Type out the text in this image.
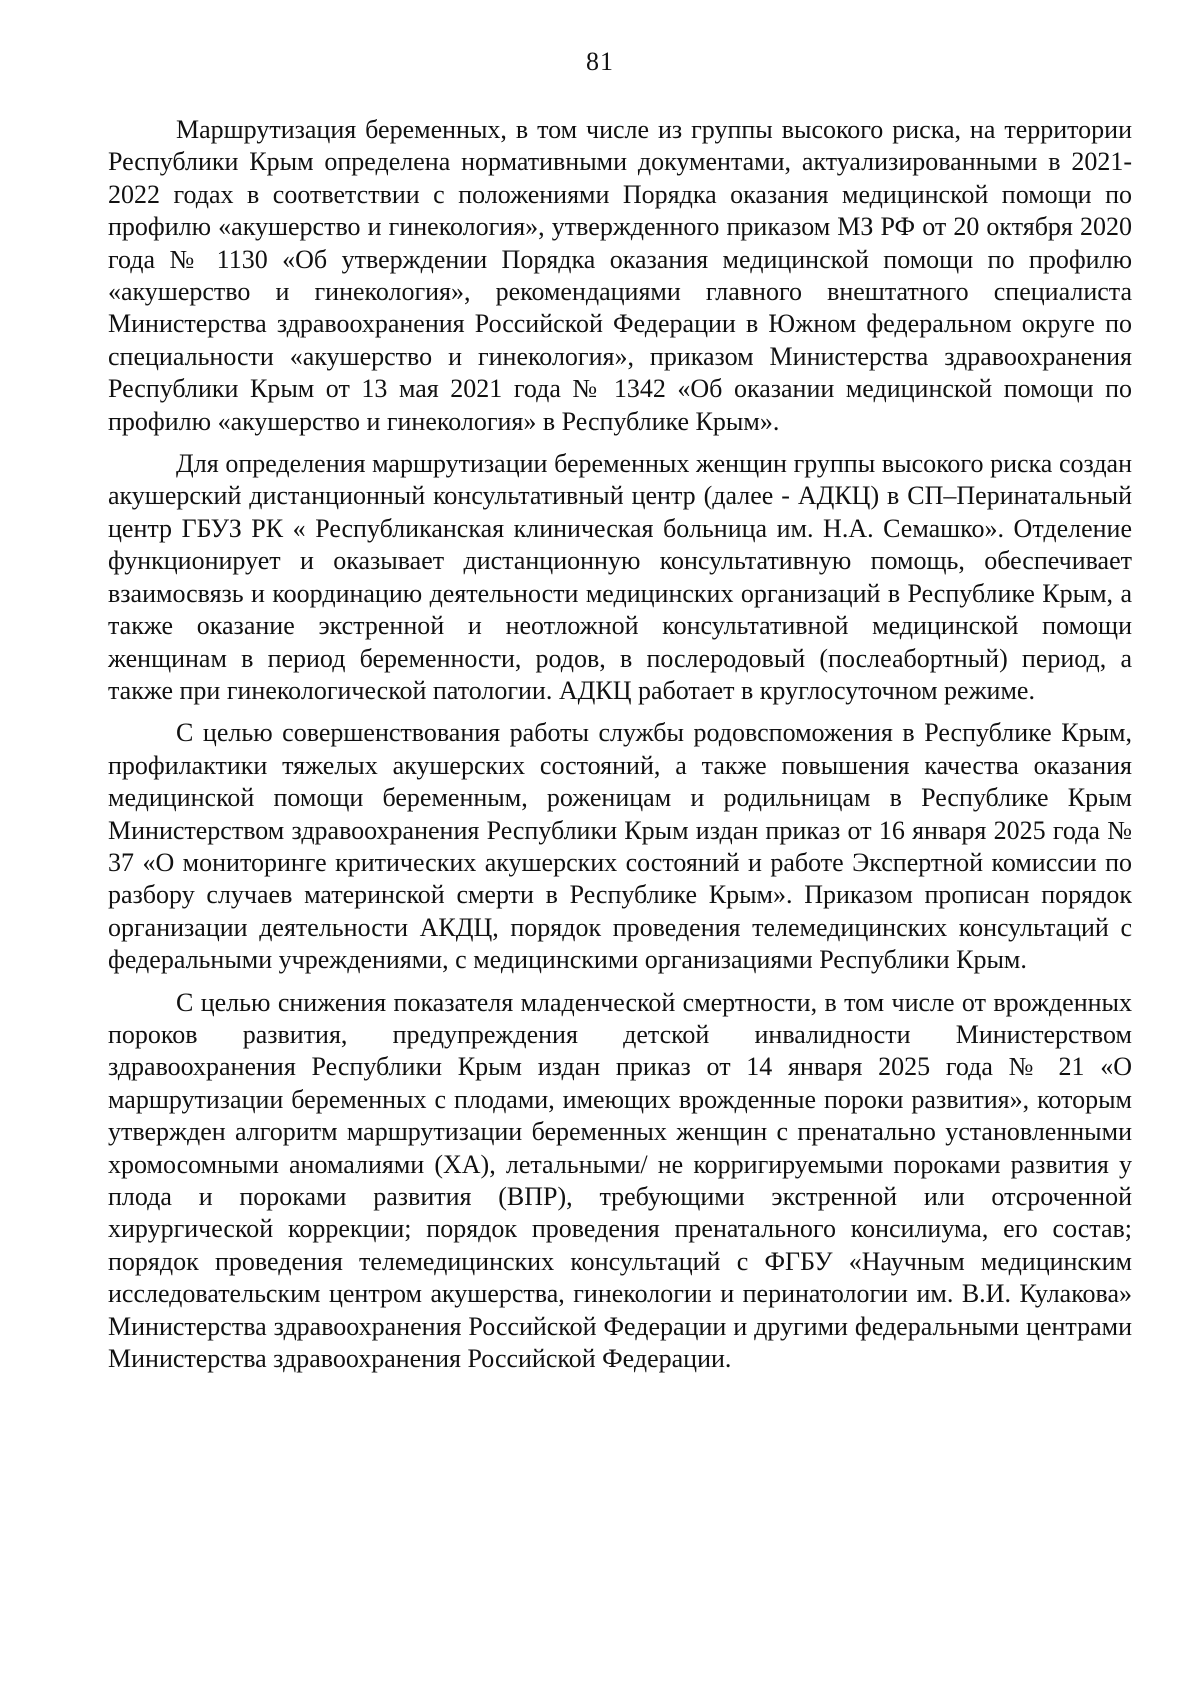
81

Маршрутизация беременных, в том числе из группы высокого риска, на территории Республики Крым определена нормативными документами, актуализированными в 2021-2022 годах в соответствии с положениями Порядка оказания медицинской помощи по профилю «акушерство и гинекология», утвержденного приказом МЗ РФ от 20 октября 2020 года № 1130 «Об утверждении Порядка оказания медицинской помощи по профилю «акушерство и гинекология», рекомендациями главного внештатного специалиста Министерства здравоохранения Российской Федерации в Южном федеральном округе по специальности «акушерство и гинекология», приказом Министерства здравоохранения Республики Крым от 13 мая 2021 года № 1342 «Об оказании медицинской помощи по профилю «акушерство и гинекология» в Республике Крым».

Для определения маршрутизации беременных женщин группы высокого риска создан акушерский дистанционный консультативный центр (далее - АДКЦ) в СП–Перинатальный центр ГБУЗ РК « Республиканская клиническая больница им. Н.А. Семашко». Отделение функционирует и оказывает дистанционную консультативную помощь, обеспечивает взаимосвязь и координацию деятельности медицинских организаций в Республике Крым, а также оказание экстренной и неотложной консультативной медицинской помощи женщинам в период беременности, родов, в послеродовый (послеабортный) период, а также при гинекологической патологии. АДКЦ работает в круглосуточном режиме.

С целью совершенствования работы службы родовспоможения в Республике Крым, профилактики тяжелых акушерских состояний, а также повышения качества оказания медицинской помощи беременным, роженицам и родильницам в Республике Крым Министерством здравоохранения Республики Крым издан приказ от 16 января 2025 года № 37 «О мониторинге критических акушерских состояний и работе Экспертной комиссии по разбору случаев материнской смерти в Республике Крым». Приказом прописан порядок организации деятельности АКДЦ, порядок проведения телемедицинских консультаций с федеральными учреждениями, с медицинскими организациями Республики Крым.

С целью снижения показателя младенческой смертности, в том числе от врожденных пороков развития, предупреждения детской инвалидности Министерством здравоохранения Республики Крым издан приказ от 14 января 2025 года № 21 «О маршрутизации беременных с плодами, имеющих врожденные пороки развития», которым утвержден алгоритм маршрутизации беременных женщин с пренатально установленными хромосомными аномалиями (ХА), летальными/ не корригируемыми пороками развития у плода и пороками развития (ВПР), требующими экстренной или отсроченной хирургической коррекции; порядок проведения пренатального консилиума, его состав; порядок проведения телемедицинских консультаций с ФГБУ «Научным медицинским исследовательским центром акушерства, гинекологии и перинатологии им. В.И. Кулакова» Министерства здравоохранения Российской Федерации и другими федеральными центрами Министерства здравоохранения Российской Федерации.
